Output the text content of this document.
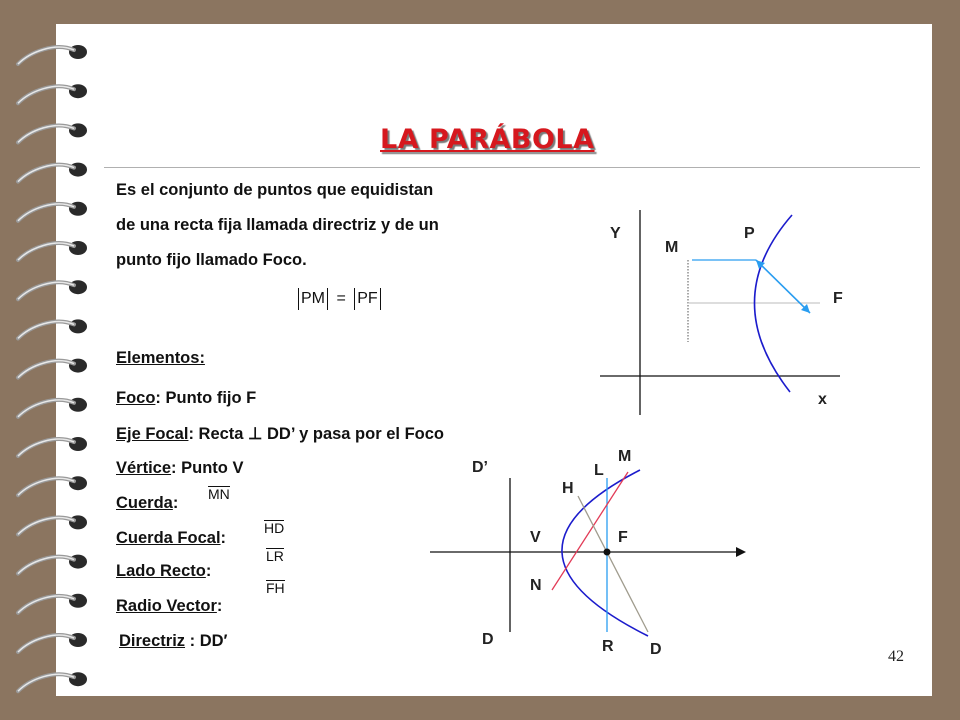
LA PARÁBOLA
Es el conjunto de puntos que equidistan
de una recta fija llamada directriz y de un
punto fijo llamado Foco.
PM = PF
Elementos:
Foco: Punto fijo F
Eje Focal: Recta ⊥ DD’ y pasa por el Foco
Vértice: Punto V
Cuerda: MN
Cuerda Focal:
HD
Lado Recto:
LR
Radio Vector:
FH
Directriz : DD′
Y
M
P
F
x
D’
D
V	F
N
H
L
M
R D	42
